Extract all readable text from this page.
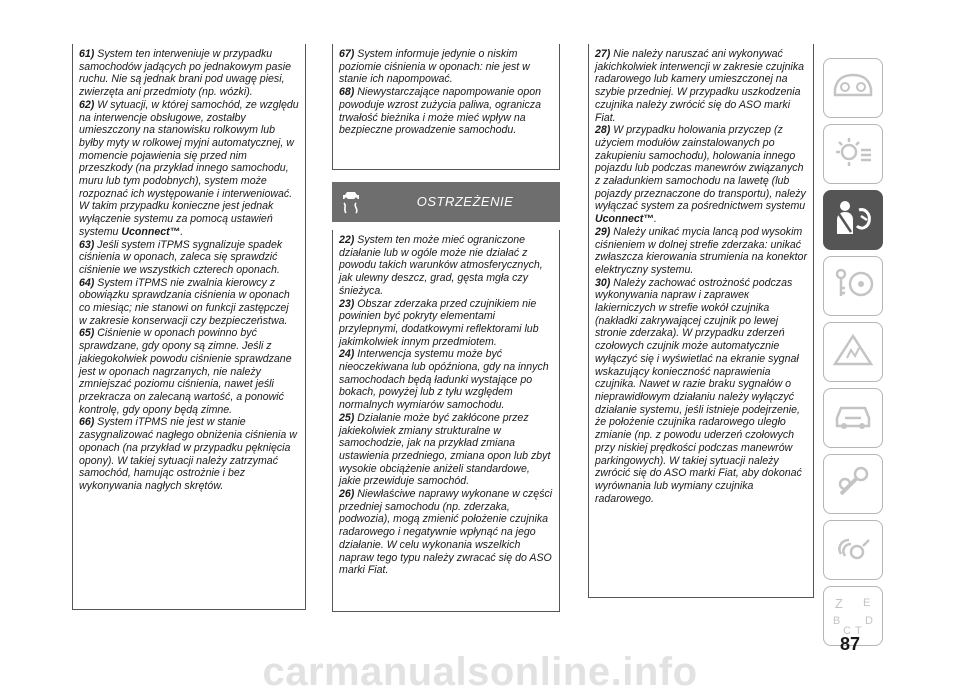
61) System ten interweniuje w przypadku samochodów jadących po jednakowym pasie ruchu. Nie są jednak brani pod uwagę piesi, zwierzęta ani przedmioty (np. wózki).

62) W sytuacji, w której samochód, ze względu na interwencje obsługowe, zostałby umieszczony na stanowisku rolkowym lub byłby myty w rolkowej myjni automatycznej, w momencie pojawienia się przed nim przeszkody (na przykład innego samochodu, muru lub tym podobnych), system może rozpoznać ich występowanie i interweniować. W takim przypadku konieczne jest jednak wyłączenie systemu za pomocą ustawień systemu Uconnect™.

63) Jeśli system iTPMS sygnalizuje spadek ciśnienia w oponach, zaleca się sprawdzić ciśnienie we wszystkich czterech oponach.

64) System iTPMS nie zwalnia kierowcy z obowiązku sprawdzania ciśnienia w oponach co miesiąc; nie stanowi on funkcji zastępczej w zakresie konserwacji czy bezpieczeństwa.

65) Ciśnienie w oponach powinno być sprawdzane, gdy opony są zimne. Jeśli z jakiegokolwiek powodu ciśnienie sprawdzane jest w oponach nagrzanych, nie należy zmniejszać poziomu ciśnienia, nawet jeśli przekracza on zalecaną wartość, a ponowić kontrolę, gdy opony będą zimne.

66) System iTPMS nie jest w stanie zasygnalizować nagłego obniżenia ciśnienia w oponach (na przykład w przypadku pęknięcia opony). W takiej sytuacji należy zatrzymać samochód, hamując ostrożnie i bez wykonywania nagłych skrętów.

67) System informuje jedynie o niskim poziomie ciśnienia w oponach: nie jest w stanie ich napompować.

68) Niewystarczające napompowanie opon powoduje wzrost zużycia paliwa, ogranicza trwałość bieżnika i może mieć wpływ na bezpieczne prowadzenie samochodu.

OSTRZEŻENIE

22) System ten może mieć ograniczone działanie lub w ogóle może nie działać z powodu takich warunków atmosferycznych, jak ulewny deszcz, grad, gęsta mgła czy śnieżyca.

23) Obszar zderzaka przed czujnikiem nie powinien być pokryty elementami przylepnymi, dodatkowymi reflektorami lub jakimkolwiek innym przedmiotem.

24) Interwencja systemu może być nieoczekiwana lub opóźniona, gdy na innych samochodach będą ładunki wystające po bokach, powyżej lub z tyłu względem normalnych wymiarów samochodu.

25) Działanie może być zakłócone przez jakiekolwiek zmiany strukturalne w samochodzie, jak na przykład zmiana ustawienia przedniego, zmiana opon lub zbyt wysokie obciążenie aniżeli standardowe, jakie przewiduje samochód.

26) Niewłaściwe naprawy wykonane w części przedniej samochodu (np. zderzaka, podwozia), mogą zmienić położenie czujnika radarowego i negatywnie wpłynąć na jego działanie. W celu wykonania wszelkich napraw tego typu należy zwracać się do ASO marki Fiat.

27) Nie należy naruszać ani wykonywać jakichkolwiek interwencji w zakresie czujnika radarowego lub kamery umieszczonej na szybie przedniej. W przypadku uszkodzenia czujnika należy zwrócić się do ASO marki Fiat.

28) W przypadku holowania przyczep (z użyciem modułów zainstalowanych po zakupieniu samochodu), holowania innego pojazdu lub podczas manewrów związanych z załadunkiem samochodu na lawetę (lub pojazdy przeznaczone do transportu), należy wyłączać system za pośrednictwem systemu Uconnect™.

29) Należy unikać mycia lancą pod wysokim ciśnieniem w dolnej strefie zderzaka: unikać zwłaszcza kierowania strumienia na konektor elektryczny systemu.

30) Należy zachować ostrożność podczas wykonywania napraw i zapraweк lakierniczych w strefie wokół czujnika (nakładki zakrywającej czujnik po lewej stronie zderzaka). W przypadku zderzeń czołowych czujnik może automatycznie wyłączyć się i wyświetlać na ekranie sygnał wskazujący konieczność naprawienia czujnika. Nawet w razie braku sygnałów o nieprawidłowym działaniu należy wyłączyć działanie systemu, jeśli istnieje podejrzenie, że położenie czujnika radarowego uległo zmianie (np. z powodu uderzeń czołowych przy niskiej prędkości podczas manewrów parkingowych). W takiej sytuacji należy zwrócić się do ASO marki Fiat, aby dokonać wyrównania lub wymiany czujnika radarowego.

Z E
B D
C T
87
carmanualsonline.info
